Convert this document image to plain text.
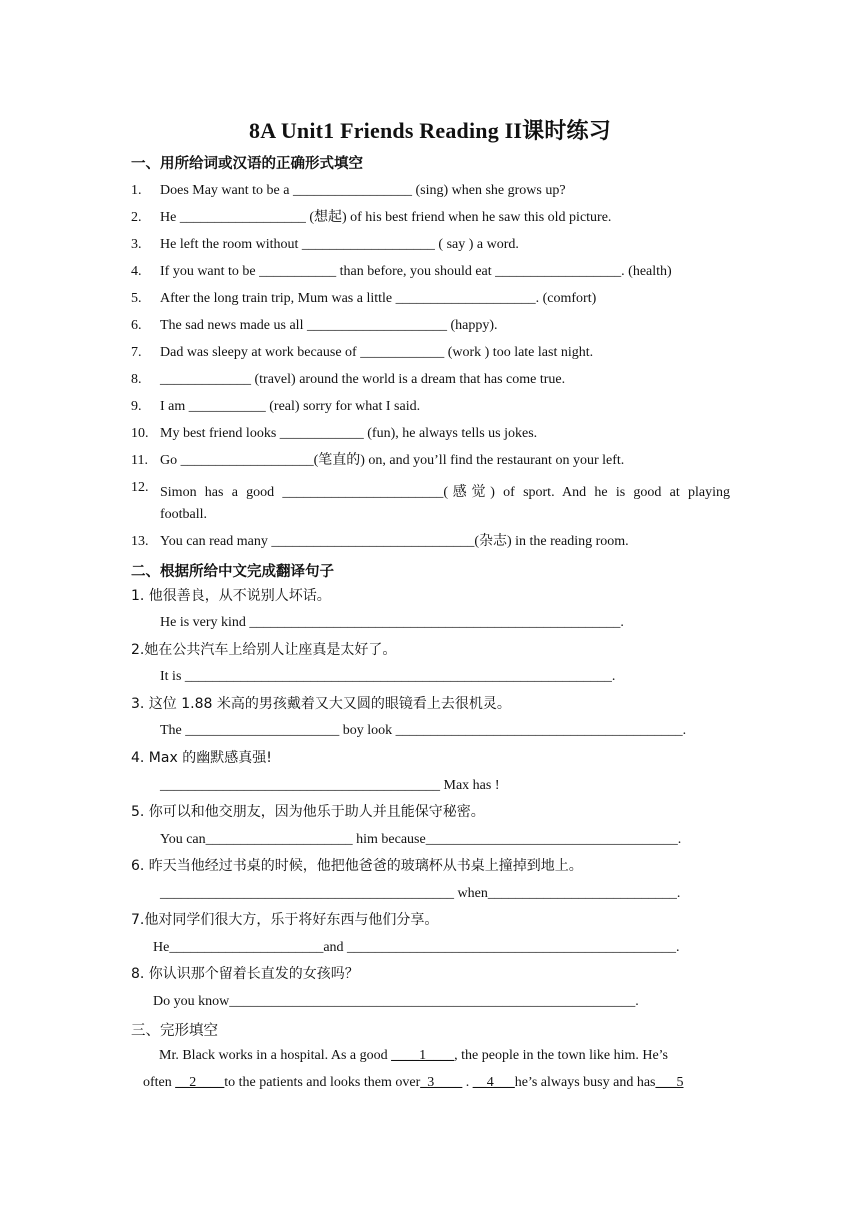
8A Unit1 Friends Reading II课时练习
一、用所给词或汉语的正确形式填空
1. Does May want to be a _________________ (sing) when she grows up?
2. He __________________ (想起) of his best friend when he saw this old picture.
3. He left the room without ___________________ ( say ) a word.
4. If you want to be ___________ than before, you should eat __________________. (health)
5. After the long train trip, Mum was a little ____________________. (comfort)
6. The sad news made us all ____________________ (happy).
7. Dad was sleepy at work because of ____________ (work ) too late last night.
8. _____________ (travel) around the world is a dream that has come true.
9. I am ___________ (real) sorry for what I said.
10. My best friend looks ____________ (fun), he always tells us jokes.
11. Go ___________________(笔直的) on, and you’ll find the restaurant on your left.
12. Simon has a good _______________________(感觉) of sport. And he is good at playing
football.
13. You can read many _____________________________(杂志) in the reading room.
二、根据所给中文完成翻译句子
1. 他很善良，从不说别人坏话。
He is very kind _____________________________________________________.
2.她在公共汽车上给别人让座真是太好了。
It is _____________________________________________________________.
3. 这位 1.88 米高的男孩戴着又大又圆的眼镜看上去很机灵。
The ______________________ boy look _________________________________________.
4. Max 的幽默感真强!
________________________________________ Max has !
5. 你可以和他交朋友，因为他乐于助人并且能保守秘密。
You can_____________________ him because____________________________________.
6. 昨天当他经过书桌的时候，他把他爸爸的玻璃杯从书桌上撞掉到地上。
__________________________________________ when___________________________.
7.他对同学们很大方，乐于将好东西与他们分享。
He______________________and _______________________________________________.
8. 你认识那个留着长直发的女孩吗？
Do you know__________________________________________________________.
三、完形填空
Mr. Black works in a hospital. As a good ____1____, the people in the town like him. He’s
often __2____to the patients and looks them over_3____ . __4___he’s always busy and has___5
